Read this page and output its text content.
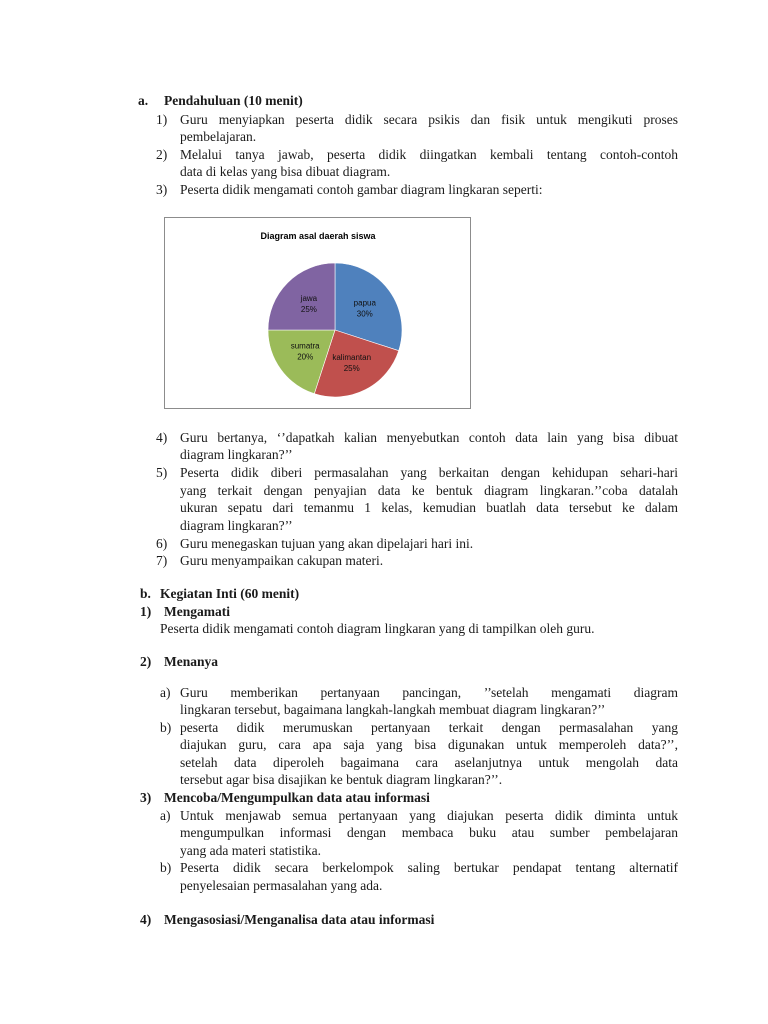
a. Pendahuluan (10 menit)
1) Guru menyiapkan peserta didik secara psikis dan fisik untuk mengikuti proses
pembelajaran.
2) Melalui tanya jawab, peserta didik diingatkan kembali tentang contoh-contoh
data di kelas yang bisa dibuat diagram.
3) Peserta didik mengamati contoh gambar diagram lingkaran seperti:
Diagram asal daerah siswa
papua
30%
kalimantan
25%
sumatra
20%
jawa
25%
4) Guru bertanya, ‘’dapatkah kalian menyebutkan contoh data lain yang bisa dibuat
diagram lingkaran?’’
5) Peserta didik diberi permasalahan yang berkaitan dengan kehidupan sehari-hari
yang terkait dengan penyajian data ke bentuk diagram lingkaran.’’coba datalah
ukuran sepatu dari temanmu 1 kelas, kemudian buatlah data tersebut ke dalam
diagram lingkaran?’’
6) Guru menegaskan tujuan yang akan dipelajari hari ini.
7) Guru menyampaikan cakupan materi.
b. Kegiatan Inti (60 menit)
1) Mengamati
Peserta didik mengamati contoh diagram lingkaran yang di tampilkan oleh guru.
2) Menanya
a) Guru memberikan pertanyaan pancingan, ’’setelah mengamati diagram
lingkaran tersebut, bagaimana langkah-langkah membuat diagram lingkaran?’’
b) peserta didik merumuskan pertanyaan terkait dengan permasalahan yang
diajukan guru, cara apa saja yang bisa digunakan untuk memperoleh data?’’,
setelah data diperoleh bagaimana cara aselanjutnya untuk mengolah data
tersebut agar bisa disajikan ke bentuk diagram lingkaran?’’.
3) Mencoba/Mengumpulkan data atau informasi
a) Untuk menjawab semua pertanyaan yang diajukan peserta didik diminta untuk
mengumpulkan informasi dengan membaca buku atau sumber pembelajaran
yang ada materi statistika.
b) Peserta didik secara berkelompok saling bertukar pendapat tentang alternatif
penyelesaian permasalahan yang ada.
4) Mengasosiasi/Menganalisa data atau informasi
